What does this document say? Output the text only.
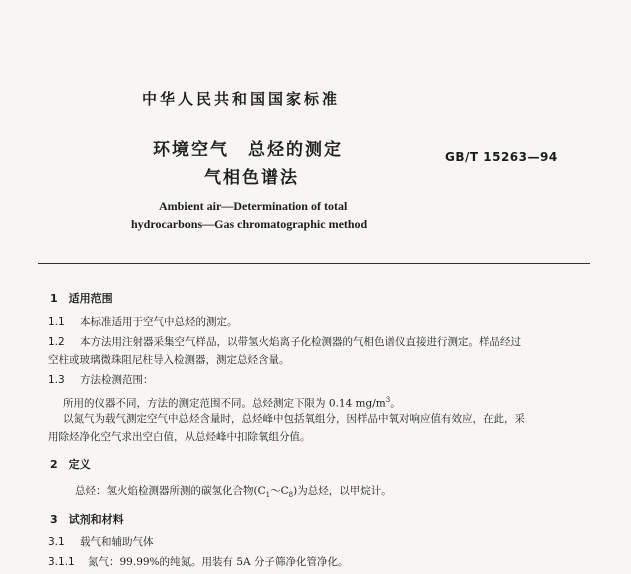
中华人民共和国国家标准
环境空气　总烃的测定
气相色谱法
GB/T 15263—94
Ambient air—Determination of total
hydrocarbons—Gas chromatographic method
1　适用范围
1.1 本标准适用于空气中总烃的测定。
1.2 本方法用注射器采集空气样品，以带氢火焰离子化检测器的气相色谱仪直接进行测定。样品经过
空柱或玻璃微珠阻尼柱导入检测器，测定总烃含量。
1.3 方法检测范围：
所用的仪器不同，方法的测定范围不同。总烃测定下限为 0.14 $mg/m^3$。
以氮气为载气测定空气中总烃含量时，总烃峰中包括氧组分，因样品中氧对响应值有效应，在此，采
用除烃净化空气求出空白值，从总烃峰中扣除氧组分值。
2　定义
总烃：氢火焰检测器所测的碳氢化合物$(C_1\sim C_8)$为总烃，以甲烷计。
3　试剂和材料
3.1 载气和辅助气体
3.1.1 氮气：99.99%的纯氮。用装有 5A 分子筛净化管净化。
